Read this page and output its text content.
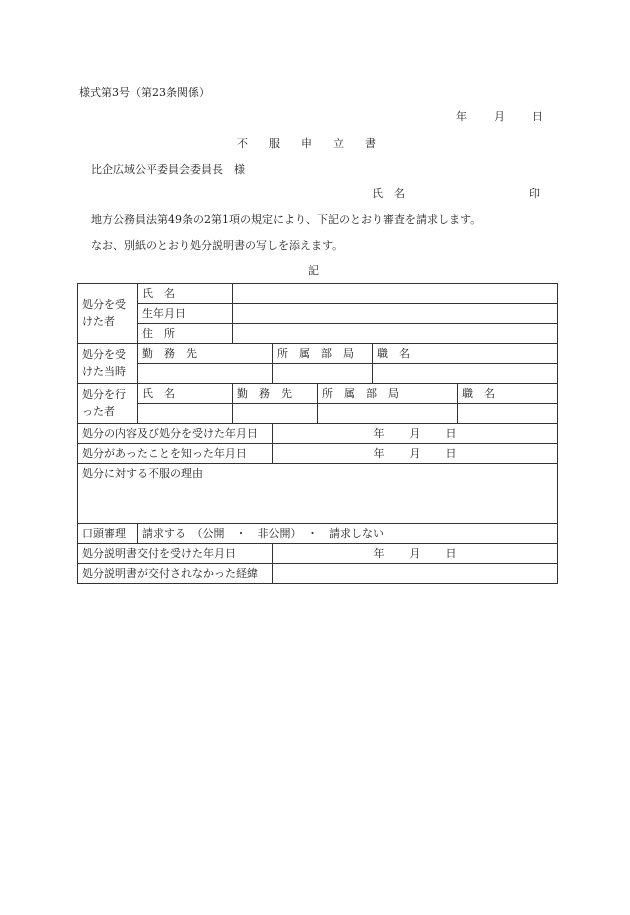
様式第3号（第23条関係）
年 月 日
不 服 申 立 書
比企広域公平委員会委員長　様
氏　名	印
地方公務員法第49条の2第1項の規定により、下記のとおり審査を請求します。
なお、別紙のとおり処分説明書の写しを添えます。
記
処分を受けた者	氏　名					

	生年月日					
	住　所					
処分を受けた当時	勤　務　先		所　属　部　局		職　名	

処分を行った者	氏　名	勤　務　先		所　属　部　局		職　名

処分の内容及び処分を受けた年月日			年 月 日			

処分があったことを知った年月日			年 月 日			

処分に対する不服の理由						
口頭審理	請求する　（公開　・　非公開）　・　請求しない					
処分説明書交付を受けた年月日			年 月 日			

処分説明書が交付されなかった経緯						
